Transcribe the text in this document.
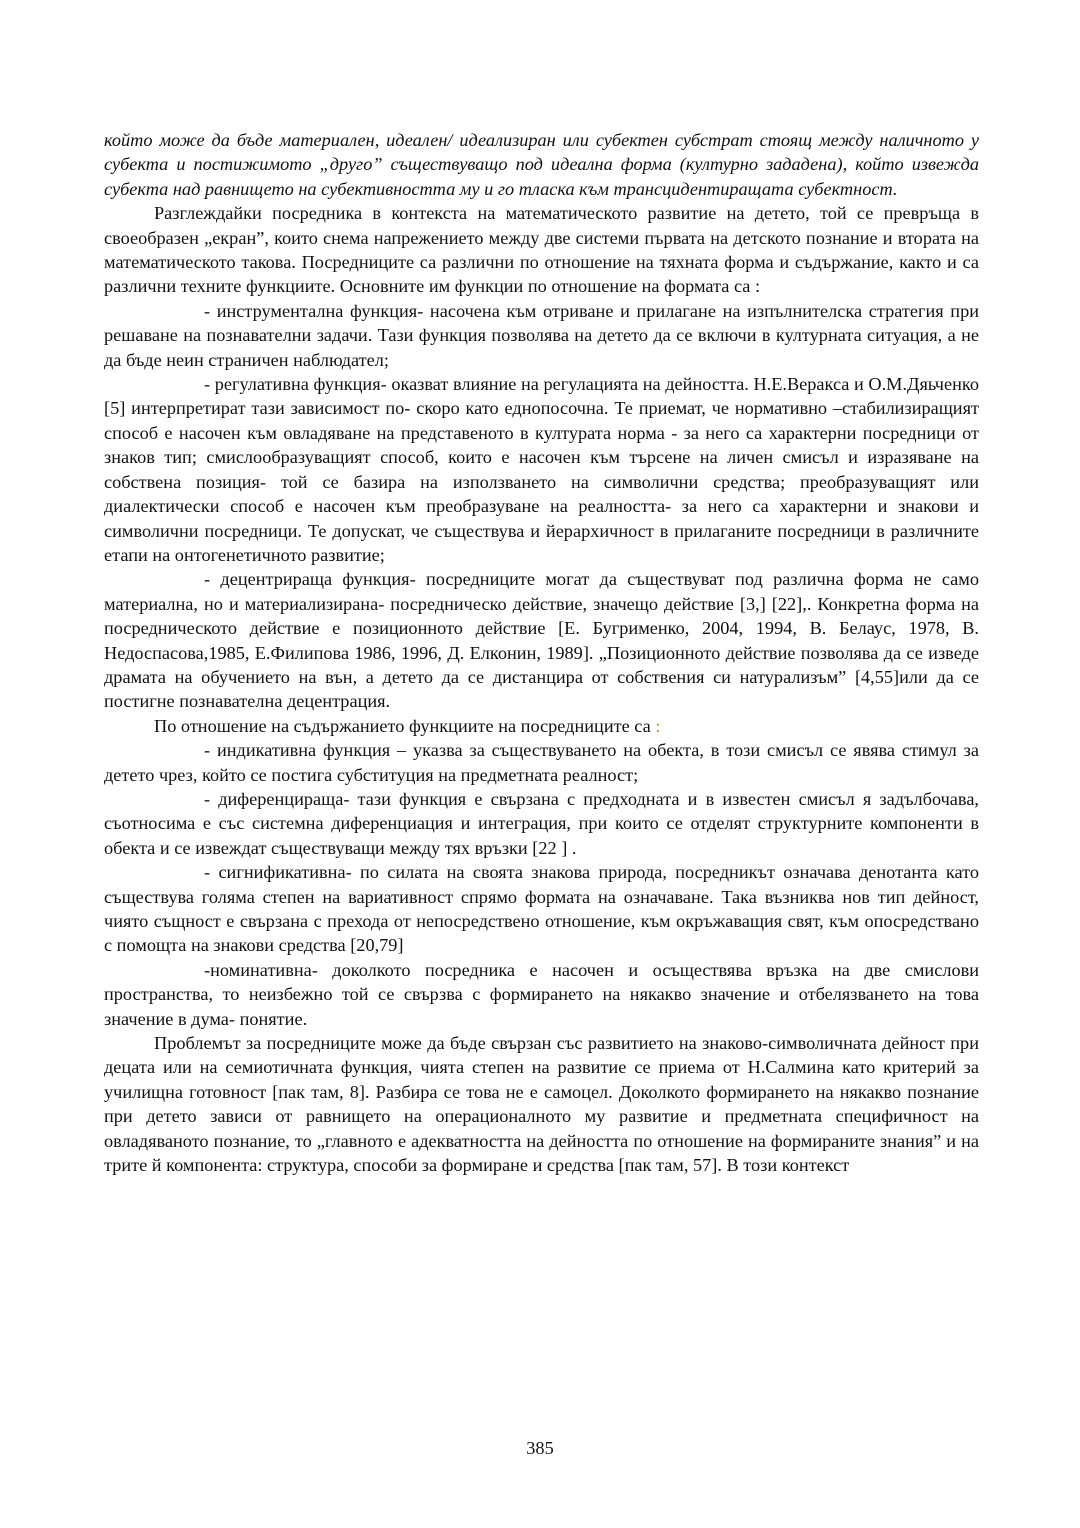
който може да бъде материален, идеален/ идеализиран или субектен субстрат стоящ между наличното у субекта и постижимото „друго” съществуващо под идеална форма (културно зададена), който извежда субекта над равнището на субективността му и го тласка към трансцидентиращата субектност.

Разглеждайки посредника в контекста на математическото развитие на детето, той се превръща в своеобразен „екран”, които снема напрежението между две системи първата на детското познание и втората на математическото такова. Посредниците са различни по отношение на тяхната форма и съдържание, както и са различни техните функциите. Основните им функции по отношение на формата са :

- инструментална функция- насочена към отриване и прилагане на изпълнителска стратегия при решаване на познавателни задачи. Тази функция позволява на детето да се включи в културната ситуация, а не да бъде неин страничен наблюдател;

- регулативна функция- оказват влияние на регулацията на дейността. Н.Е.Веракса и О.М.Дяьченко [5] интерпретират тази зависимост по- скоро като еднопосочна. Те приемат, че нормативно –стабилизиращият способ е насочен към овладяване на представеното в културата норма - за него са характерни посредници от знаков тип; смислообразуващият способ, които е насочен към търсене на личен смисъл и изразяване на собствена позиция- той се базира на използването на символични средства; преобразуващият или диалектически способ е насочен към преобразуване на реалността- за него са характерни и знакови и символични посредници. Те допускат, че съществува и йерархичност в прилаганите посредници в различните етапи на онтогенетичното развитие;

- децентрираща функция- посредниците могат да съществуват под различна форма не само материална, но и материализирана- посредническо действие, значещо действие [3,] [22],. Конкретна форма на посредническото действие е позиционното действие [Е. Бугрименко, 2004, 1994, В. Белаус, 1978, В. Недоспасова,1985, Е.Филипова 1986, 1996, Д. Елконин, 1989]. „Позиционното действие позволява да се изведе драмата на обучението на вън, а детето да се дистанцира от собствения си натурализъм” [4,55]или да се постигне познавателна децентрация.

По отношение на съдържанието функциите на посредниците са :

- индикативна функция – указва за съществуването на обекта, в този смисъл се явява стимул за детето чрез, който се постига субституция на предметната реалност;

- диференцираща- тази функция е свързана с предходната и в известен смисъл я задълбочава, съотносима е със системна диференциация и интеграция, при които се отделят структурните компоненти в обекта и се извеждат съществуващи между тях връзки [22 ] .

- сигнификативна- по силата на своята знакова природа, посредникът означава денотанта като съществува голяма степен на вариативност спрямо формата на означаване. Така възниква нов тип дейност, чиято същност е свързана с прехода от непосредствено отношение, към окръжаващия свят, към опосредствано с помощта на знакови средства [20,79]

-номинативна- доколкото посредника е насочен и осъществява връзка на две смислови пространства, то неизбежно той се свързва с формирането на някакво значение и отбелязването на това значение в дума- понятие.

Проблемът за посредниците може да бъде свързан със развитието на знаково-символичната дейност при децата или на семиотичната функция, чията степен на развитие се приема от Н.Салмина като критерий за училищна готовност [пак там, 8]. Разбира се това не е самоцел. Доколкото формирането на някакво познание при детето зависи от равнището на операционалното му развитие и предметната специфичност на овладяваното познание, то „главното е адекватността на дейността по отношение на формираните знания” и на трите й компонента: структура, способи за формиране и средства [пак там, 57]. В този контекст

385
